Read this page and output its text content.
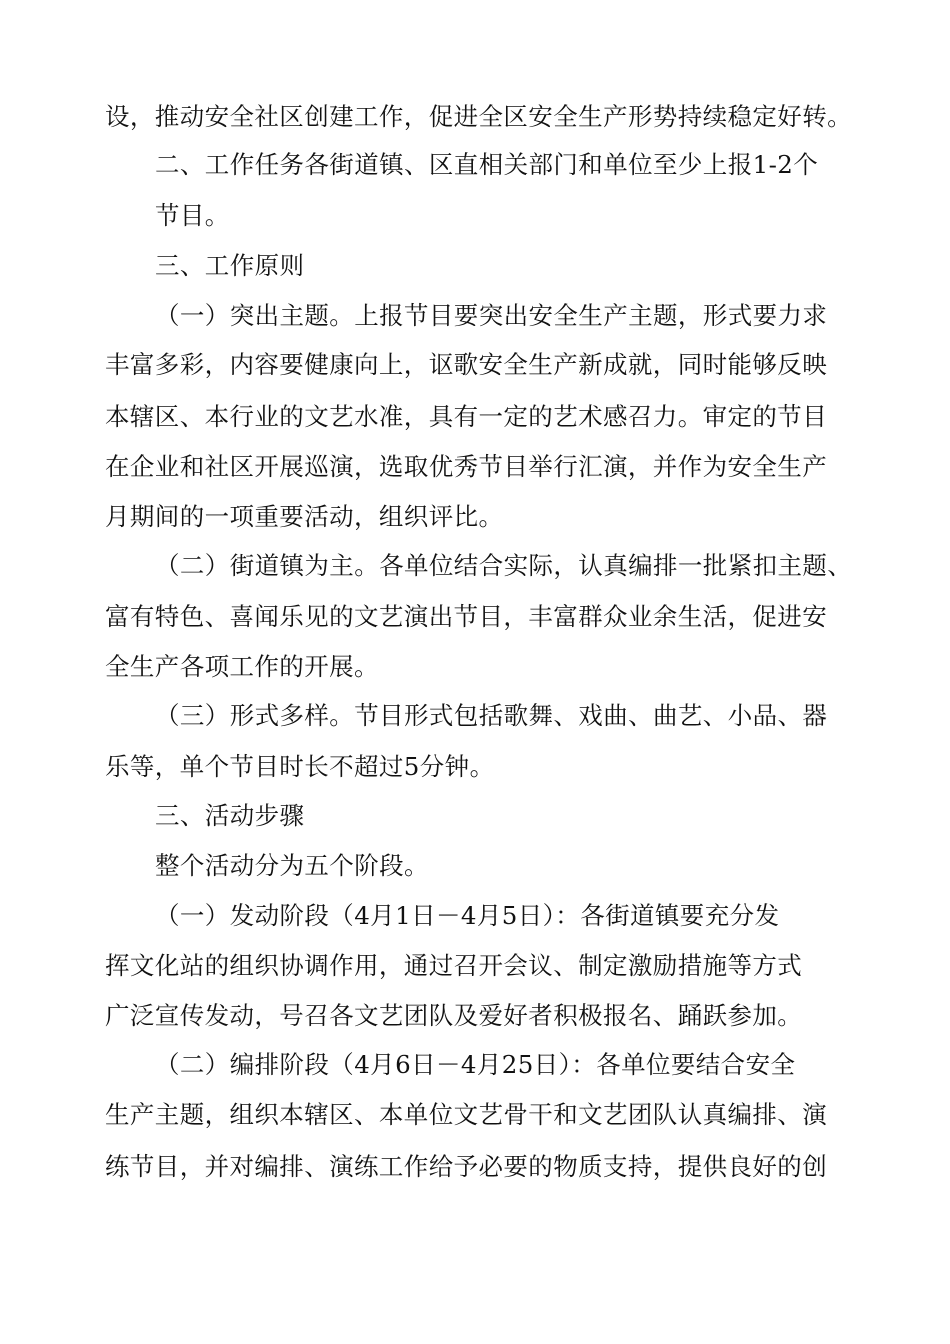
设，推动安全社区创建工作，促进全区安全生产形势持续稳定好转。
二、工作任务各街道镇、区直相关部门和单位至少上报1-2个
节目。
三、工作原则
（一）突出主题。上报节目要突出安全生产主题，形式要力求
丰富多彩，内容要健康向上，讴歌安全生产新成就，同时能够反映
本辖区、本行业的文艺水准，具有一定的艺术感召力。审定的节目
在企业和社区开展巡演，选取优秀节目举行汇演，并作为安全生产
月期间的一项重要活动，组织评比。
（二）街道镇为主。各单位结合实际，认真编排一批紧扣主题、
富有特色、喜闻乐见的文艺演出节目，丰富群众业余生活，促进安
全生产各项工作的开展。
（三）形式多样。节目形式包括歌舞、戏曲、曲艺、小品、器
乐等，单个节目时长不超过5分钟。
三、活动步骤
整个活动分为五个阶段。
（一）发动阶段（4月1日－4月5日）：各街道镇要充分发
挥文化站的组织协调作用，通过召开会议、制定激励措施等方式
广泛宣传发动，号召各文艺团队及爱好者积极报名、踊跃参加。
（二）编排阶段（4月6日－4月25日）：各单位要结合安全
生产主题，组织本辖区、本单位文艺骨干和文艺团队认真编排、演
练节目，并对编排、演练工作给予必要的物质支持，提供良好的创
